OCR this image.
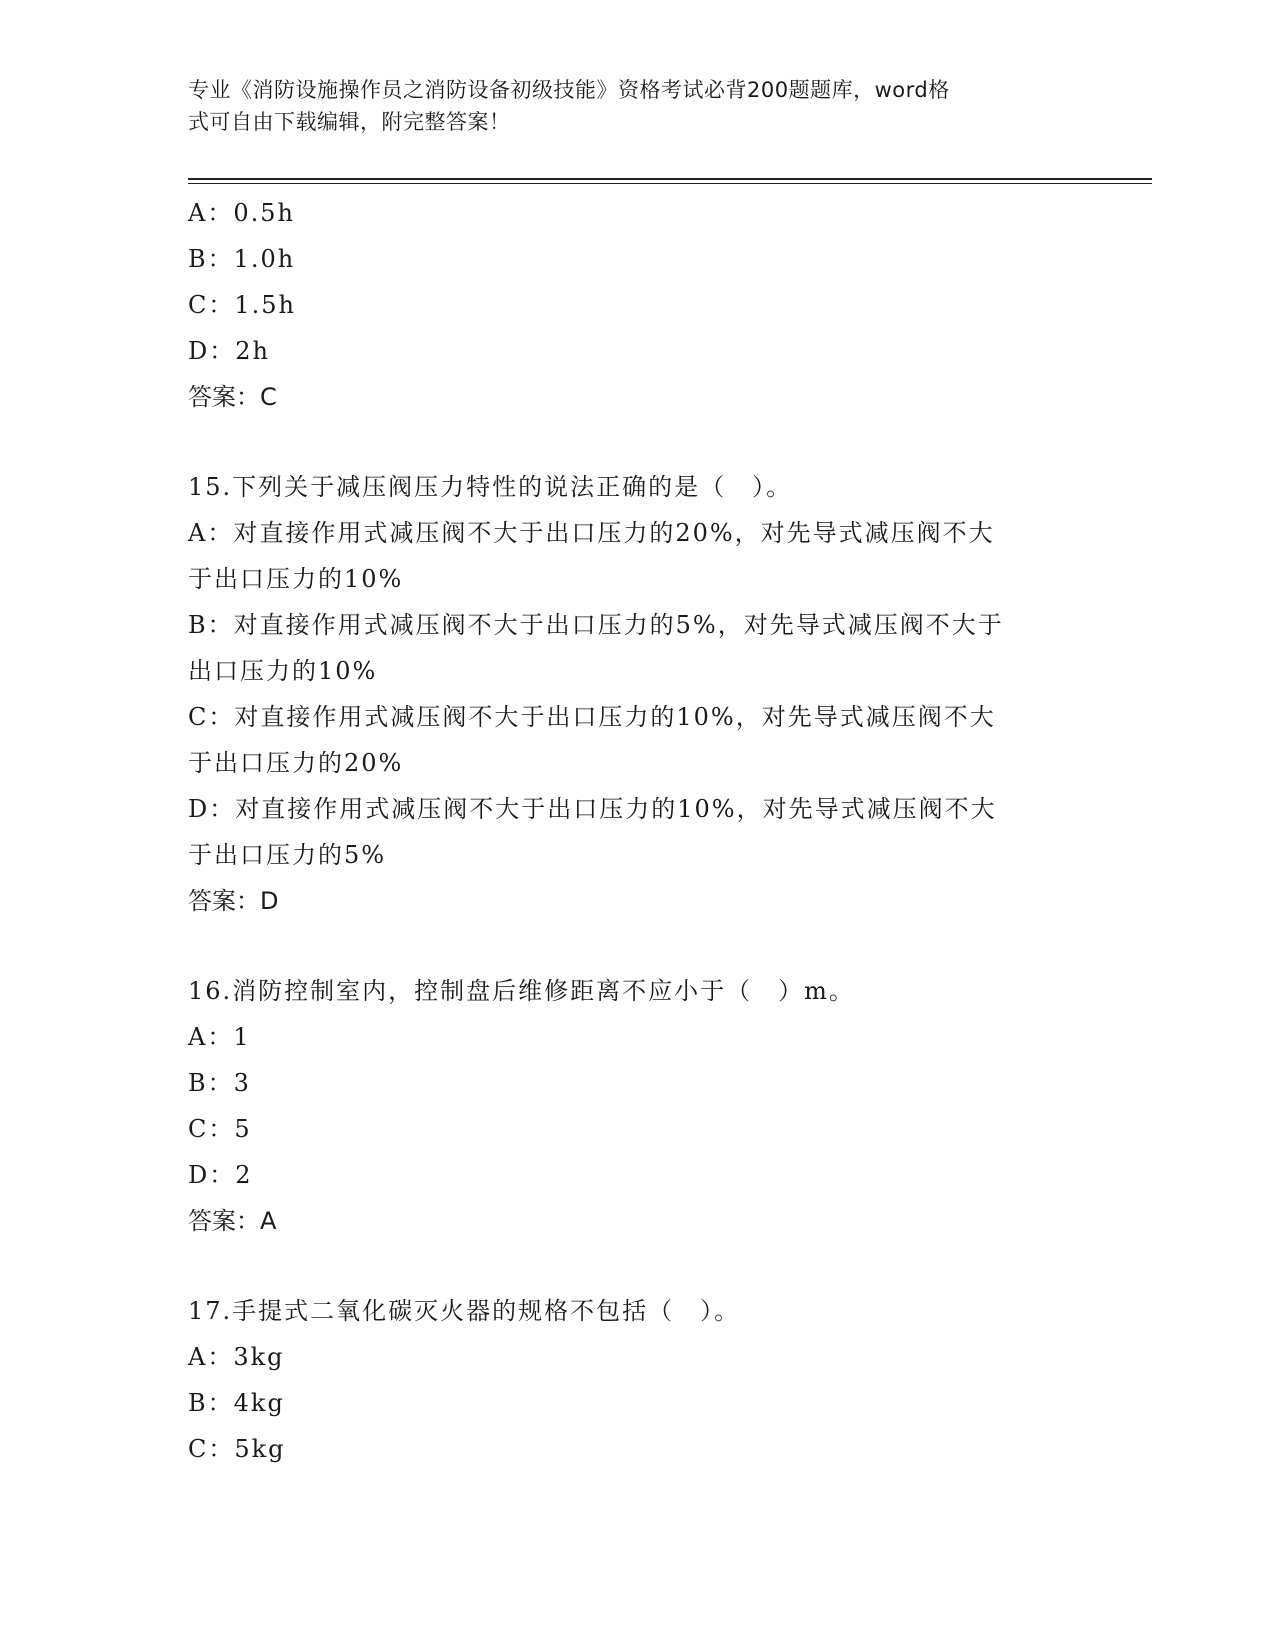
专业《消防设施操作员之消防设备初级技能》资格考试必背200题题库，word格
式可自由下载编辑，附完整答案！
A：0.5h
B：1.0h
C：1.5h
D：2h
答案：C
15.下列关于减压阀压力特性的说法正确的是（　）。
A：对直接作用式减压阀不大于出口压力的20%，对先导式减压阀不大
于出口压力的10%
B：对直接作用式减压阀不大于出口压力的5%，对先导式减压阀不大于
出口压力的10%
C：对直接作用式减压阀不大于出口压力的10%，对先导式减压阀不大
于出口压力的20%
D：对直接作用式减压阀不大于出口压力的10%，对先导式减压阀不大
于出口压力的5%
答案：D
16.消防控制室内，控制盘后维修距离不应小于（　）m。
A：1
B：3
C：5
D：2
答案：A
17.手提式二氧化碳灭火器的规格不包括（　）。
A：3kg
B：4kg
C：5kg
